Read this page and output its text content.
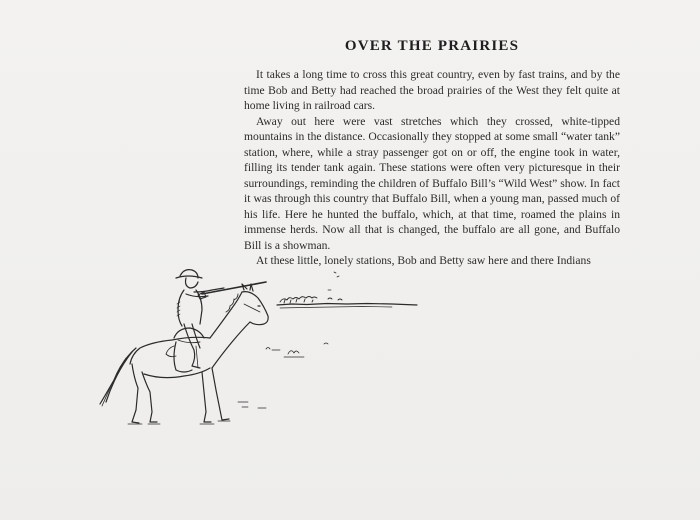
OVER THE PRAIRIES

It takes a long time to cross this great country, even by fast trains, and by the time Bob and Betty had reached the broad prairies of the West they felt quite at home living in railroad cars.

Away out here were vast stretches which they crossed, white-tipped mountains in the distance. Occasionally they stopped at some small “water tank” station, where, while a stray passenger got on or off, the engine took in water, filling its tender tank again. These stations were often very picturesque in their surroundings, reminding the children of Buffalo Bill’s “Wild West” show. In fact it was through this country that Buffalo Bill, when a young man, passed much of his life. Here he hunted the buffalo, which, at that time, roamed the plains in immense herds. Now all that is changed, the buffalo are all gone, and Buffalo Bill is a showman.

At these little, lonely stations, Bob and Betty saw here and there Indians
